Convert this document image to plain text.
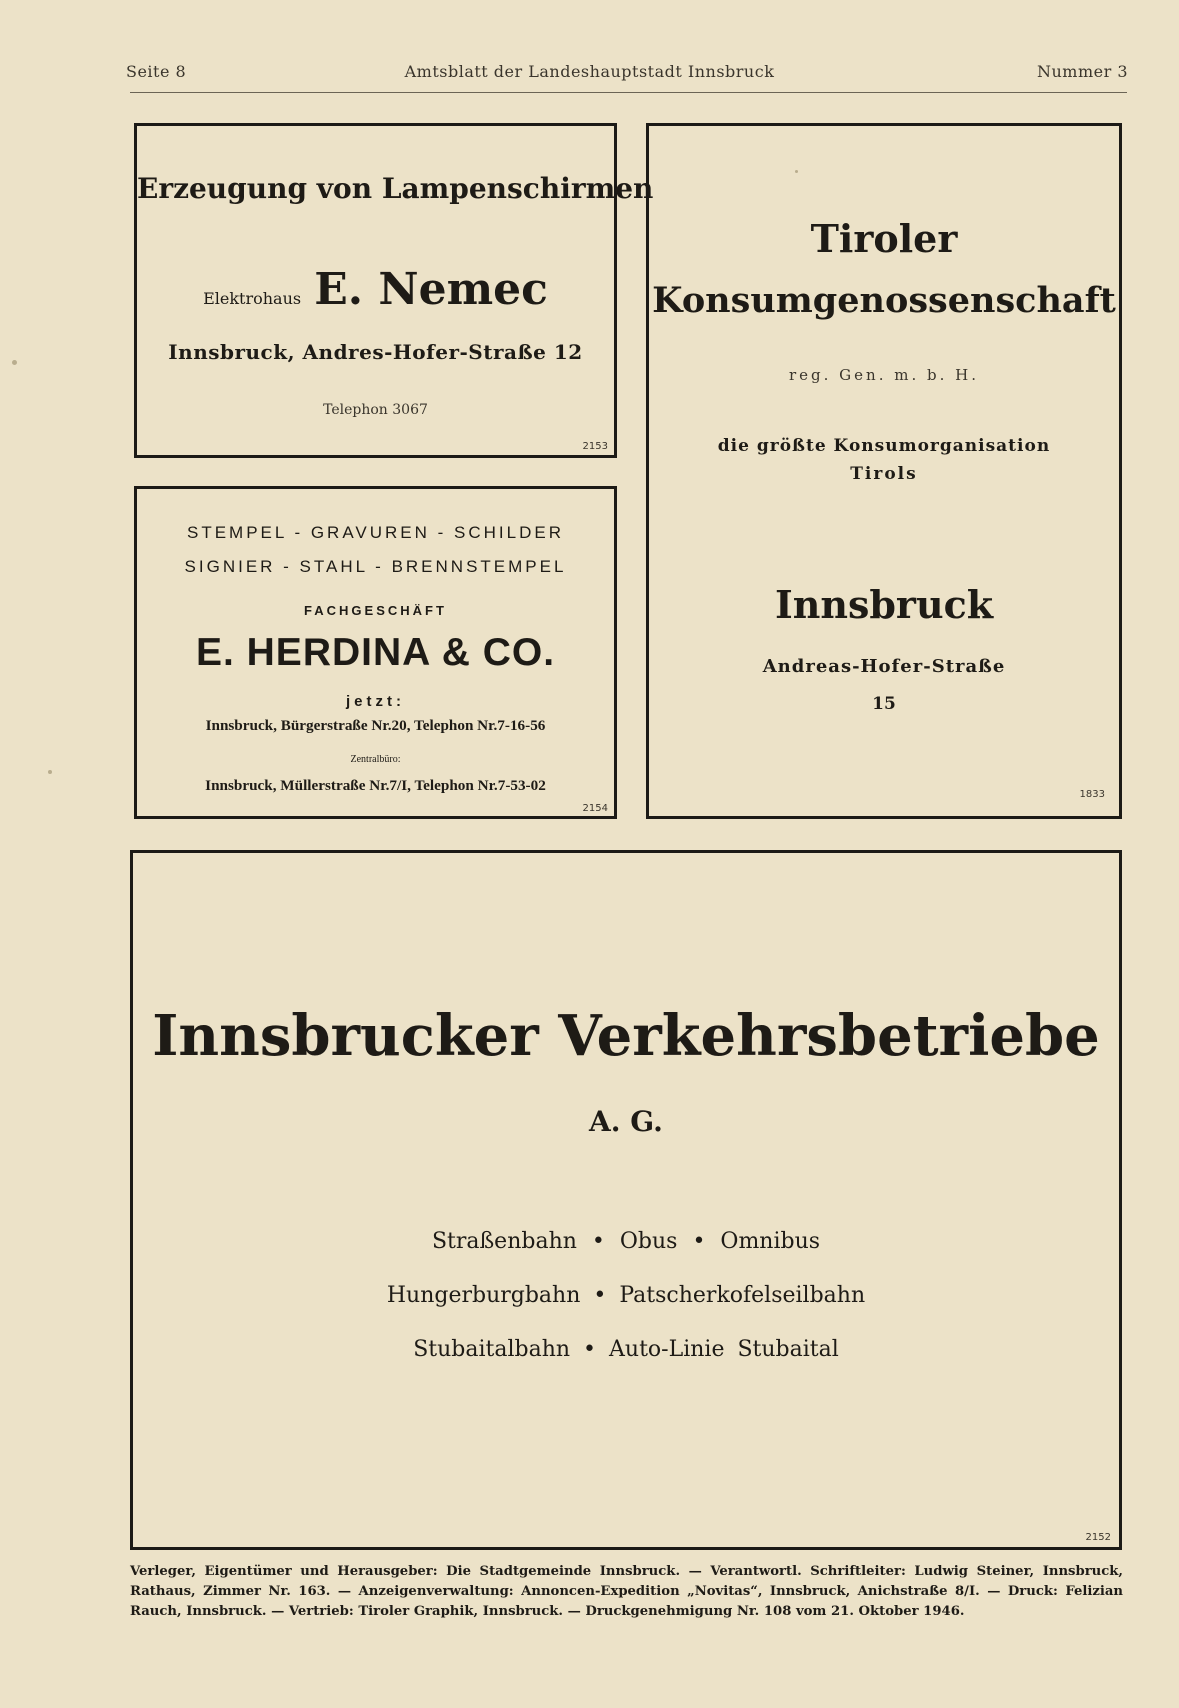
Seite 8	Amtsblatt der Landeshauptstadt Innsbruck	Nummer 3
Erzeugung von Lampenschirmen
Elektrohaus E. Nemec
Innsbruck, Andres-Hofer-Straße 12
Telephon 3067
2153
STEMPEL - GRAVUREN - SCHILDER
SIGNIER - STAHL - BRENNSTEMPEL
FACHGESCHÄFT
E. HERDINA & CO.
jetzt:
Innsbruck, Bürgerstraße Nr.20, Telephon Nr.7-16-56
Zentralbüro:
Innsbruck, Müllerstraße Nr.7/I, Telephon Nr.7-53-02
2154
Tiroler
Konsumgenossenschaft
reg. Gen. m. b. H.
die größte Konsumorganisation
Tirols
Innsbruck
Andreas-Hofer-Straße
15
1833
Innsbrucker Verkehrsbetriebe
A. G.
Straßenbahn • Obus • Omnibus
Hungerburgbahn • Patscherkofelseilbahn
Stubaitalbahn • Auto-Linie Stubaital
2152
Verleger, Eigentümer und Herausgeber: Die Stadtgemeinde Innsbruck. — Verantwortl. Schriftleiter: Ludwig Steiner, Innsbruck, Rathaus, Zimmer Nr. 163. — Anzeigenverwaltung: Annoncen-Expedition „Novitas“, Innsbruck, Anichstraße 8/I. — Druck: Felizian Rauch, Innsbruck. — Vertrieb: Tiroler Graphik, Innsbruck. — Druckgenehmigung Nr. 108 vom 21. Oktober 1946.
